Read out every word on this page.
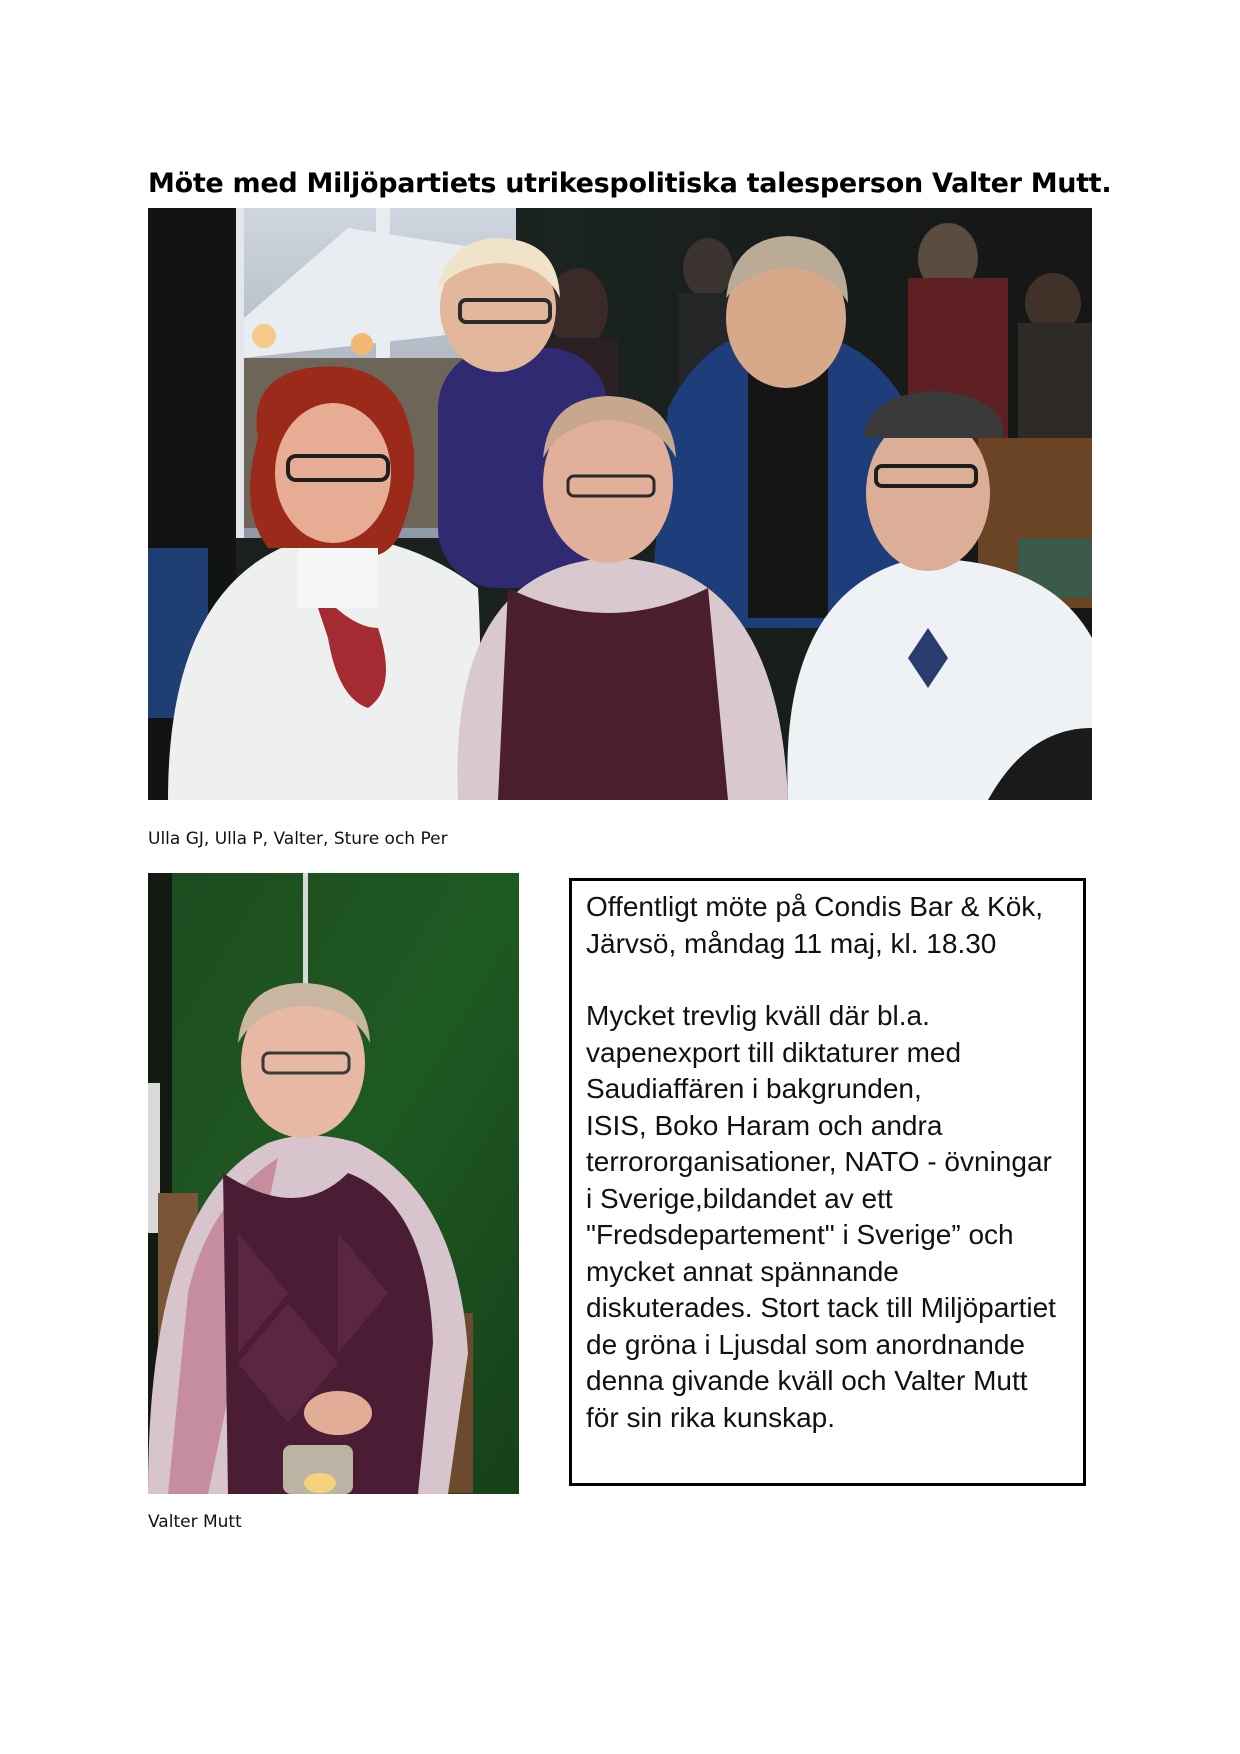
Möte med Miljöpartiets utrikespolitiska talesperson Valter Mutt.
Ulla GJ, Ulla P, Valter, Sture och Per
Valter Mutt

Offentligt möte på Condis Bar & Kök,
Järvsö, måndag 11 maj, kl. 18.30

Mycket trevlig kväll där bl.a.
vapenexport till diktaturer med
Saudiaffären i bakgrunden,
ISIS, Boko Haram och andra
terrororganisationer, NATO - övningar
i Sverige,bildandet av ett
"Fredsdepartement" i Sverige” och
mycket annat spännande
diskuterades. Stort tack till Miljöpartiet
de gröna i Ljusdal som anordnande
denna givande kväll och Valter Mutt
för sin rika kunskap.
